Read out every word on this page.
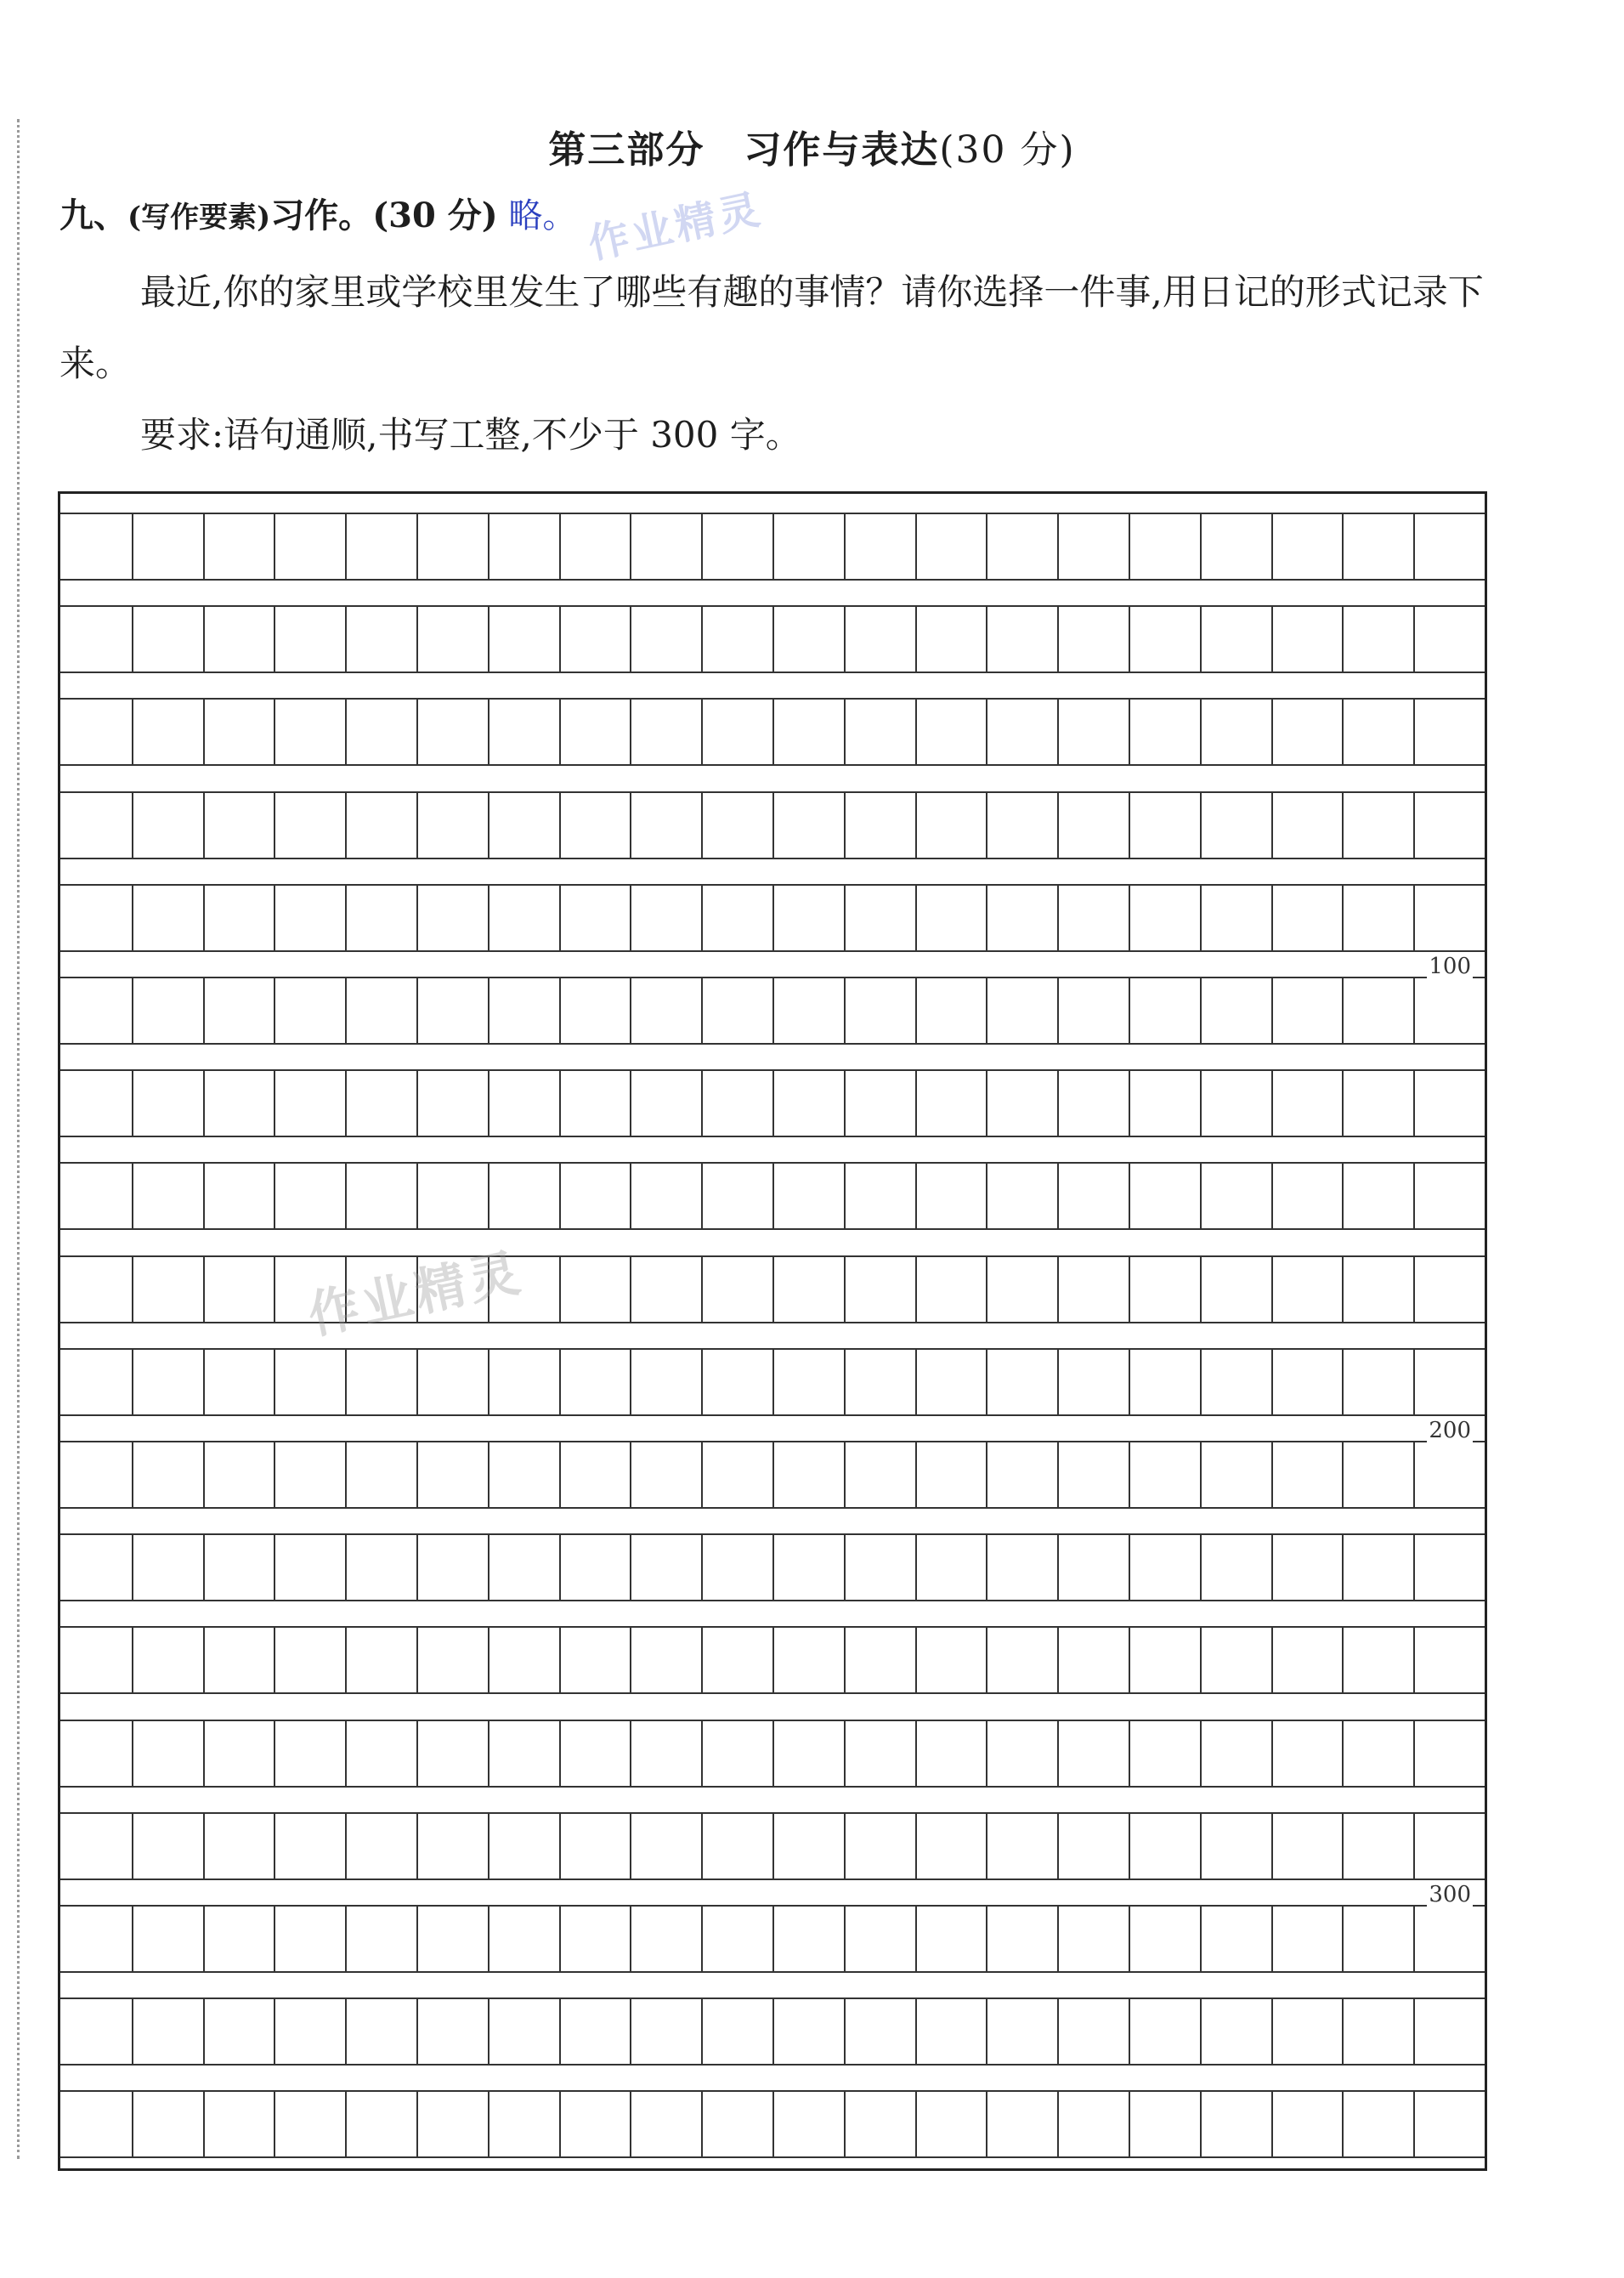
第三部分　习作与表达(30 分)
九、(写作要素)习作。(30 分) 略。
最近,你的家里或学校里发生了哪些有趣的事情？请你选择一件事,用日记的形式记录下来。
要求:语句通顺,书写工整,不少于 300 字。
100
200
300
作业精灵
作业精灵
